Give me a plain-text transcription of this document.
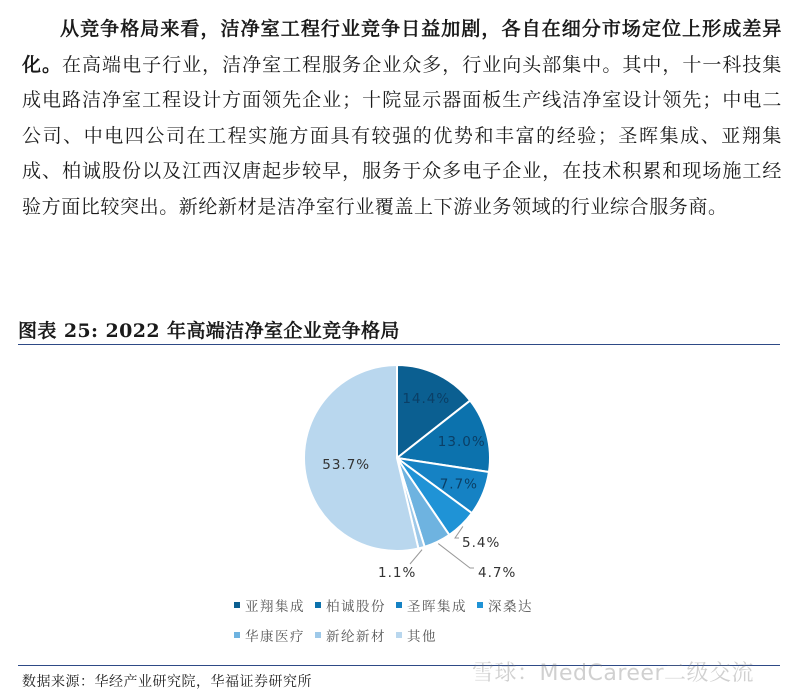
从竞争格局来看，洁净室工程行业竞争日益加剧，各自在细分市场定位上形成差异化。在高端电子行业，洁净室工程服务企业众多，行业向头部集中。其中，十一科技集成电路洁净室工程设计方面领先企业；十院显示器面板生产线洁净室设计领先；中电二公司、中电四公司在工程实施方面具有较强的优势和丰富的经验；圣晖集成、亚翔集成、柏诚股份以及江西汉唐起步较早，服务于众多电子企业，在技术积累和现场施工经验方面比较突出。新纶新材是洁净室行业覆盖上下游业务领域的行业综合服务商。

图表 25: 2022 年高端洁净室企业竞争格局
14.4%
13.0%
7.7%
5.4%
4.7%
1.1%
53.7%
亚翔集成 柏诚股份 圣晖集成 深桑达
华康医疗 新纶新材 其他
数据来源：华经产业研究院，华福证券研究所	雪球：MedCareer二级交流
